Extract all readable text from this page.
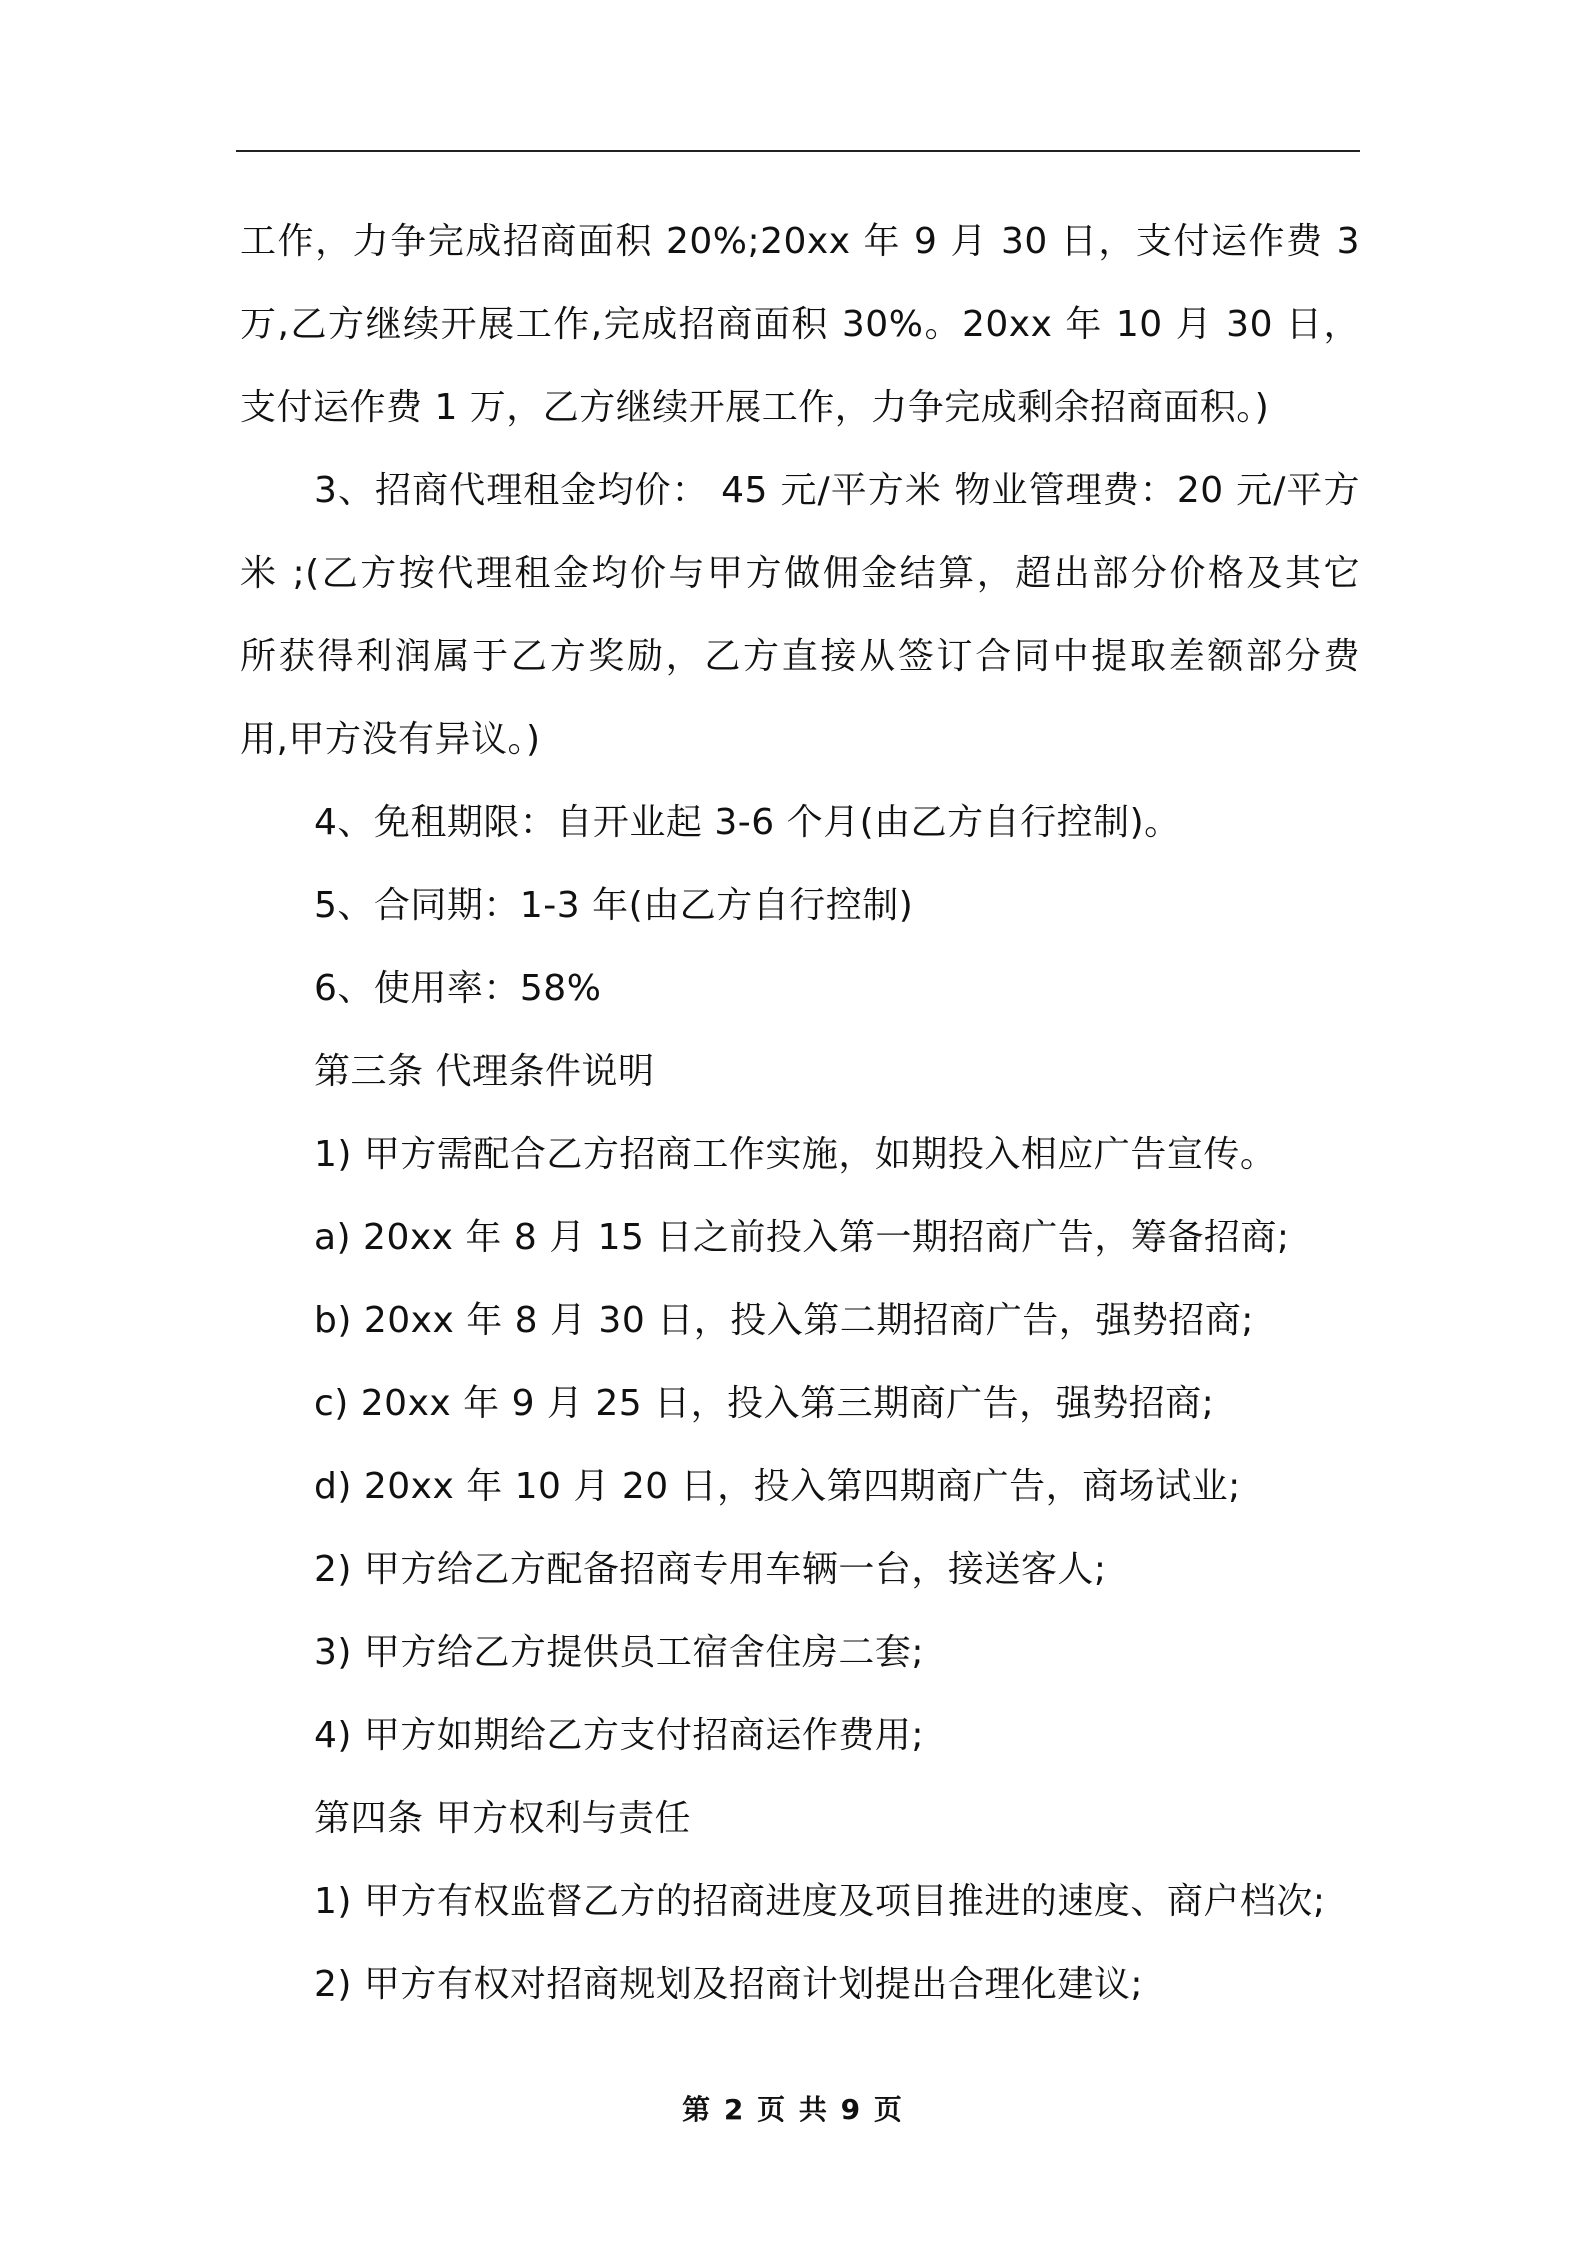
工作，力争完成招商面积 20%;20xx 年 9 月 30 日，支付运作费 3
万,乙方继续开展工作,完成招商面积 30%。20xx 年 10 月 30 日，
支付运作费 1 万，乙方继续开展工作，力争完成剩余招商面积。)
3、招商代理租金均价： 45 元/平方米 物业管理费：20 元/平方
米 ;(乙方按代理租金均价与甲方做佣金结算，超出部分价格及其它
所获得利润属于乙方奖励，乙方直接从签订合同中提取差额部分费
用,甲方没有异议。)
4、免租期限：自开业起 3-6 个月(由乙方自行控制)。
5、合同期：1-3 年(由乙方自行控制)
6、使用率：58%
第三条 代理条件说明
1) 甲方需配合乙方招商工作实施，如期投入相应广告宣传。
a) 20xx 年 8 月 15 日之前投入第一期招商广告，筹备招商;
b) 20xx 年 8 月 30 日，投入第二期招商广告，强势招商;
c) 20xx 年 9 月 25 日，投入第三期商广告，强势招商;
d) 20xx 年 10 月 20 日，投入第四期商广告，商场试业;
2) 甲方给乙方配备招商专用车辆一台，接送客人;
3) 甲方给乙方提供员工宿舍住房二套;
4) 甲方如期给乙方支付招商运作费用;
第四条 甲方权利与责任
1) 甲方有权监督乙方的招商进度及项目推进的速度、商户档次;
2) 甲方有权对招商规划及招商计划提出合理化建议;
第 2 页 共 9 页
